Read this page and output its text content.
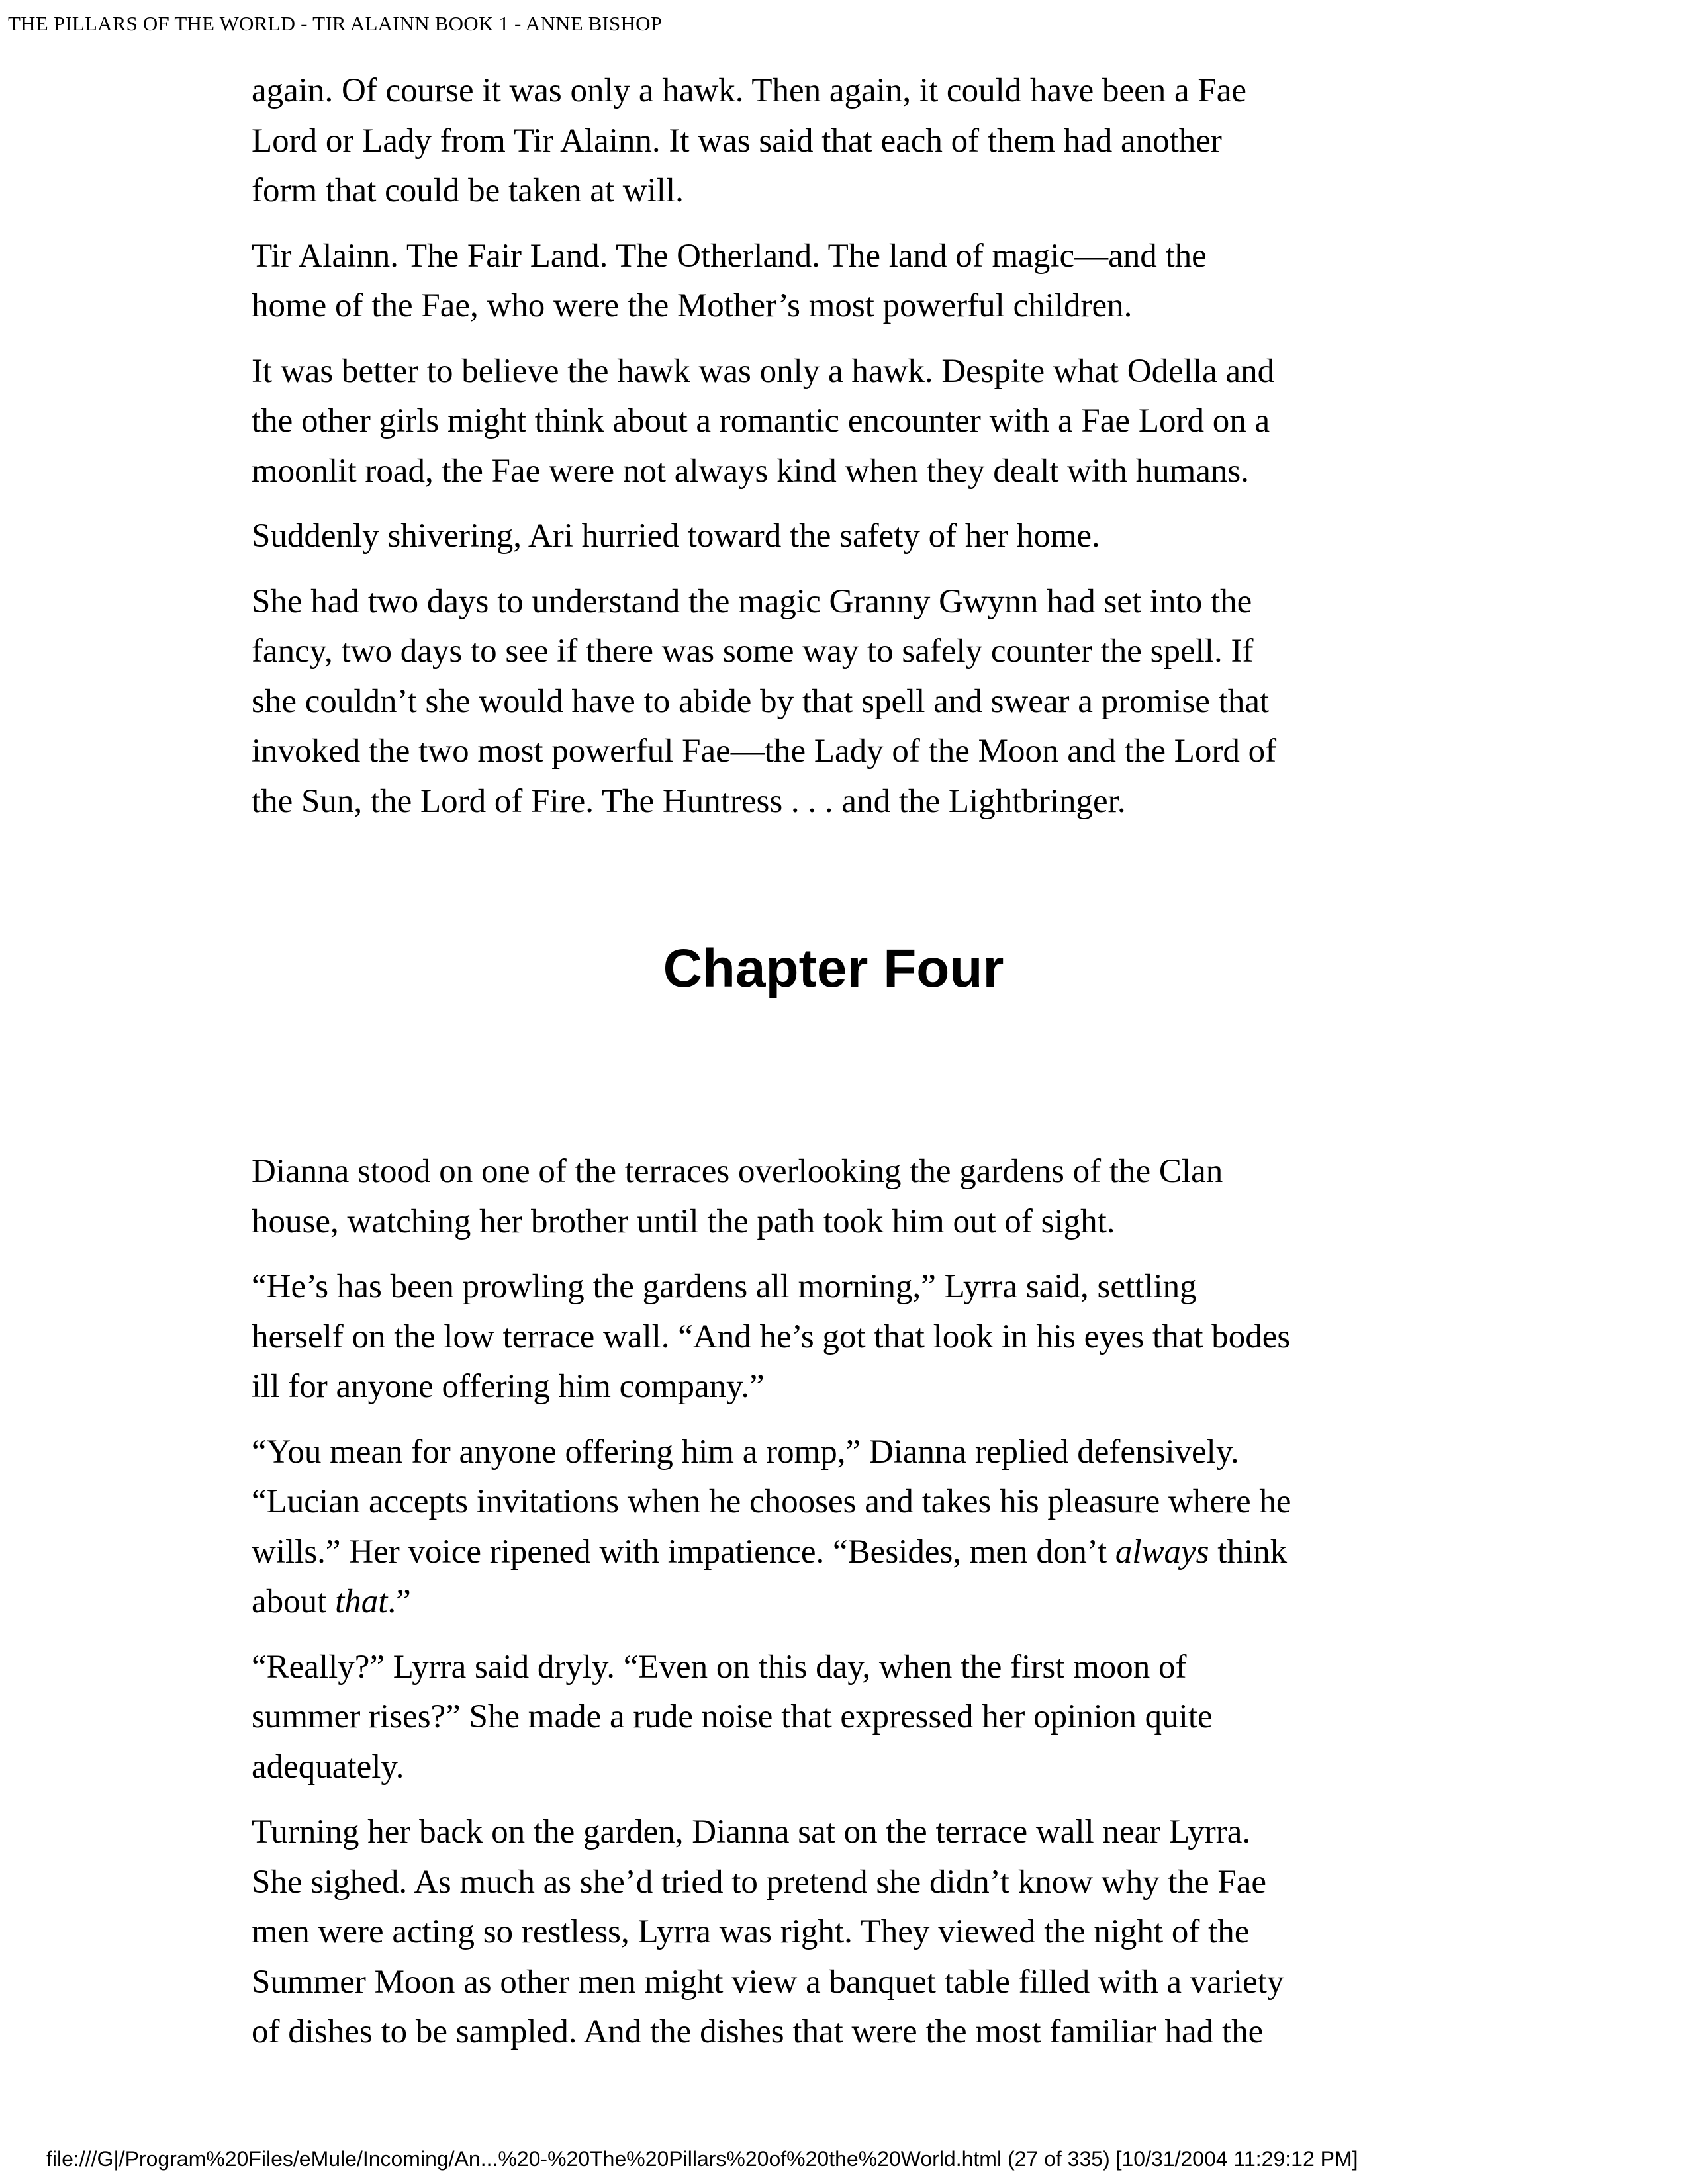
THE PILLARS OF THE WORLD - TIR ALAINN BOOK 1 - ANNE BISHOP

again. Of course it was only a hawk. Then again, it could have been a Fae
Lord or Lady from Tir Alainn. It was said that each of them had another
form that could be taken at will.

Tir Alainn. The Fair Land. The Otherland. The land of magic—and the
home of the Fae, who were the Mother’s most powerful children.

It was better to believe the hawk was only a hawk. Despite what Odella and
the other girls might think about a romantic encounter with a Fae Lord on a
moonlit road, the Fae were not always kind when they dealt with humans.

Suddenly shivering, Ari hurried toward the safety of her home.

She had two days to understand the magic Granny Gwynn had set into the
fancy, two days to see if there was some way to safely counter the spell. If
she couldn’t she would have to abide by that spell and swear a promise that
invoked the two most powerful Fae—the Lady of the Moon and the Lord of
the Sun, the Lord of Fire. The Huntress . . . and the Lightbringer.

Chapter Four

Dianna stood on one of the terraces overlooking the gardens of the Clan
house, watching her brother until the path took him out of sight.

“He’s has been prowling the gardens all morning,” Lyrra said, settling
herself on the low terrace wall. “And he’s got that look in his eyes that bodes
ill for anyone offering him company.”

“You mean for anyone offering him a romp,” Dianna replied defensively.
“Lucian accepts invitations when he chooses and takes his pleasure where he
wills.” Her voice ripened with impatience. “Besides, men don’t always think
about that.”

“Really?” Lyrra said dryly. “Even on this day, when the first moon of
summer rises?” She made a rude noise that expressed her opinion quite
adequately.

Turning her back on the garden, Dianna sat on the terrace wall near Lyrra.
She sighed. As much as she’d tried to pretend she didn’t know why the Fae
men were acting so restless, Lyrra was right. They viewed the night of the
Summer Moon as other men might view a banquet table filled with a variety
of dishes to be sampled. And the dishes that were the most familiar had the

file:///G|/Program%20Files/eMule/Incoming/An...%20-%20The%20Pillars%20of%20the%20World.html (27 of 335) [10/31/2004 11:29:12 PM]
